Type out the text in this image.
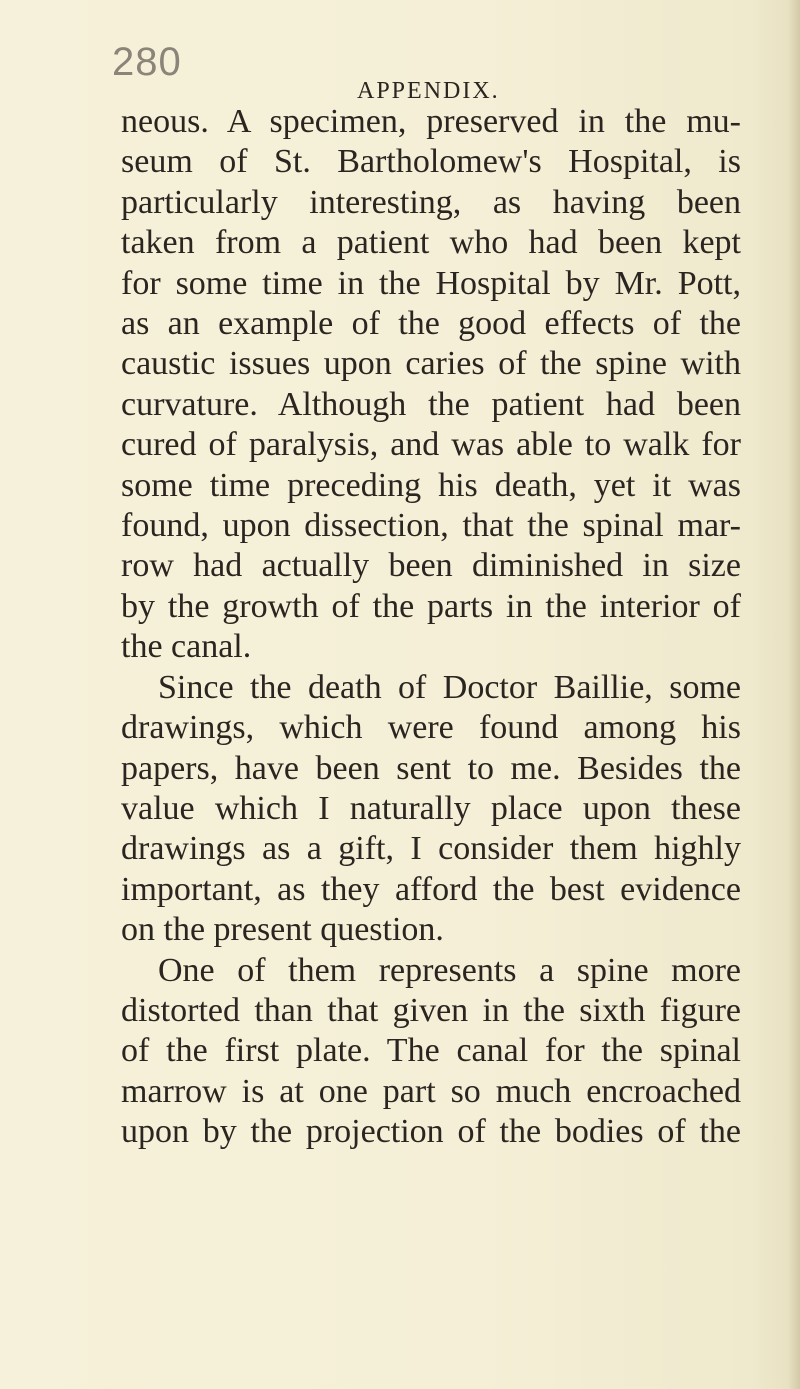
280
APPENDIX.
neous. A specimen, preserved in the mu-
seum of St. Bartholomew's Hospital, is
particularly interesting, as having been
taken from a patient who had been kept
for some time in the Hospital by Mr. Pott,
as an example of the good effects of the
caustic issues upon caries of the spine with
curvature. Although the patient had been
cured of paralysis, and was able to walk for
some time preceding his death, yet it was
found, upon dissection, that the spinal mar-
row had actually been diminished in size
by the growth of the parts in the interior of
the canal.
Since the death of Doctor Baillie, some
drawings, which were found among his
papers, have been sent to me. Besides the
value which I naturally place upon these
drawings as a gift, I consider them highly
important, as they afford the best evidence
on the present question.
One of them represents a spine more
distorted than that given in the sixth figure
of the first plate. The canal for the spinal
marrow is at one part so much encroached
upon by the projection of the bodies of the
